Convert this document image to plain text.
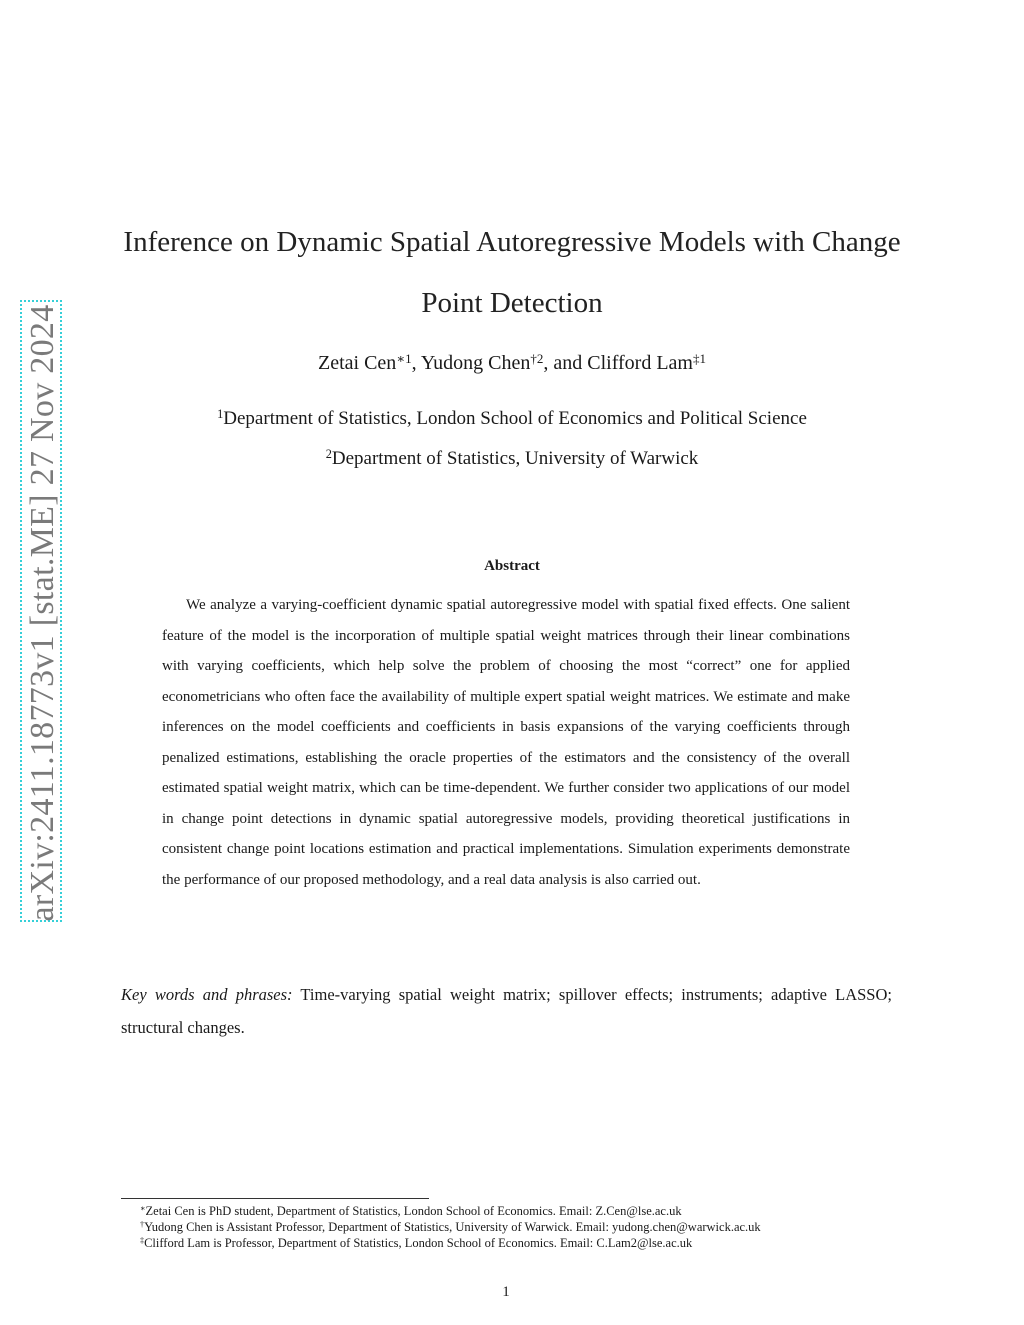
arXiv:2411.18773v1 [stat.ME] 27 Nov 2024
Inference on Dynamic Spatial Autoregressive Models with Change Point Detection
Zetai Cen$^{∗1}$, Yudong Chen$^{\dagger 2}$, and Clifford Lam$^{\ddagger 1}$
$^1$Department of Statistics, London School of Economics and Political Science
$^2$Department of Statistics, University of Warwick
Abstract

We analyze a varying-coefficient dynamic spatial autoregressive model with spatial fixed effects. One salient feature of the model is the incorporation of multiple spatial weight matrices through their linear combinations with varying coefficients, which help solve the problem of choosing the most “correct” one for applied econometricians who often face the availability of multiple expert spatial weight matrices. We estimate and make inferences on the model coefficients and coefficients in basis expansions of the varying coefficients through penalized estimations, establishing the oracle properties of the estimators and the consistency of the overall estimated spatial weight matrix, which can be time-dependent. We further consider two applications of our model in change point detections in dynamic spatial autoregressive models, providing theoretical justifications in consistent change point locations estimation and practical implementations. Simulation experiments demonstrate the performance of our proposed methodology, and a real data analysis is also carried out.

Key words and phrases: Time-varying spatial weight matrix; spillover effects; instruments; adaptive LASSO; structural changes.

∗Zetai Cen is PhD student, Department of Statistics, London School of Economics. Email: Z.Cen@lse.ac.uk

†Yudong Chen is Assistant Professor, Department of Statistics, University of Warwick. Email: yudong.chen@warwick.ac.uk

‡Clifford Lam is Professor, Department of Statistics, London School of Economics. Email: C.Lam2@lse.ac.uk

1
